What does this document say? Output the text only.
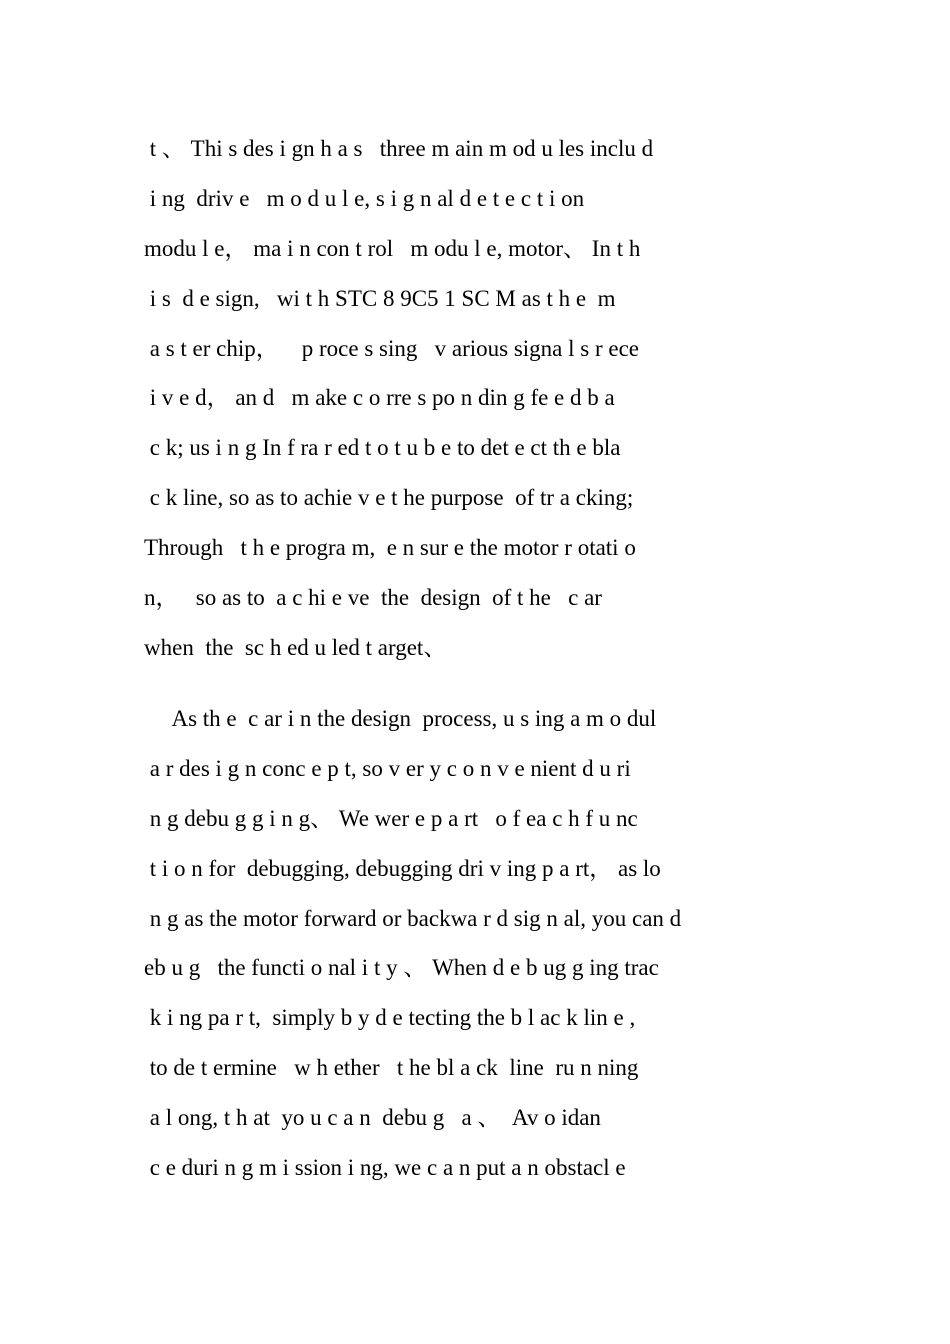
t 、 Thi s des i gn h a s   three m ain m od u les inclu d
i ng  driv e   m o d u l e, s i g n al d e t e c t i on
modu l e， ma i n con t rol   m odu l e, motor、 In t h
i s  d e sign,   wi t h STC 8 9C5 1 SC M as t h e  m
a s t er chip，    p roce s sing   v arious signa l s r ece
i v e d， an d   m ake c o rre s po n din g fe e d b a
c k; us i n g In f ra r ed t o t u b e to det e ct th e bla
c k line, so as to achie v e t he purpose  of tr a cking;
Through   t h e progra m,  e n sur e the motor r otati o
n，   so as to  a c hi e ve  the  design  of t he   c ar
when  the  sc h ed u led t arget、
As th e  c ar i n the design  process, u s ing a m o dul
a r des i g n conc e p t, so v er y c o n v e nient d u ri
n g debu g g i n g、 We wer e p a rt   o f ea c h f u nc
t i o n for  debugging, debugging dri v ing p a rt， as lo
n g as the motor forward or backwa r d sig n al, you can d
eb u g   the functi o nal i t y 、 When d e b ug g ing trac
k i ng pa r t,  simply b y d e tecting the b l ac k lin e ,
to de t ermine   w h ether   t he bl a ck  line  ru n ning
a l ong, t h at  yo u c a n  debu g   a 、  Av o idan
c e duri n g m i ssion i ng, we c a n put a n obstacl e
